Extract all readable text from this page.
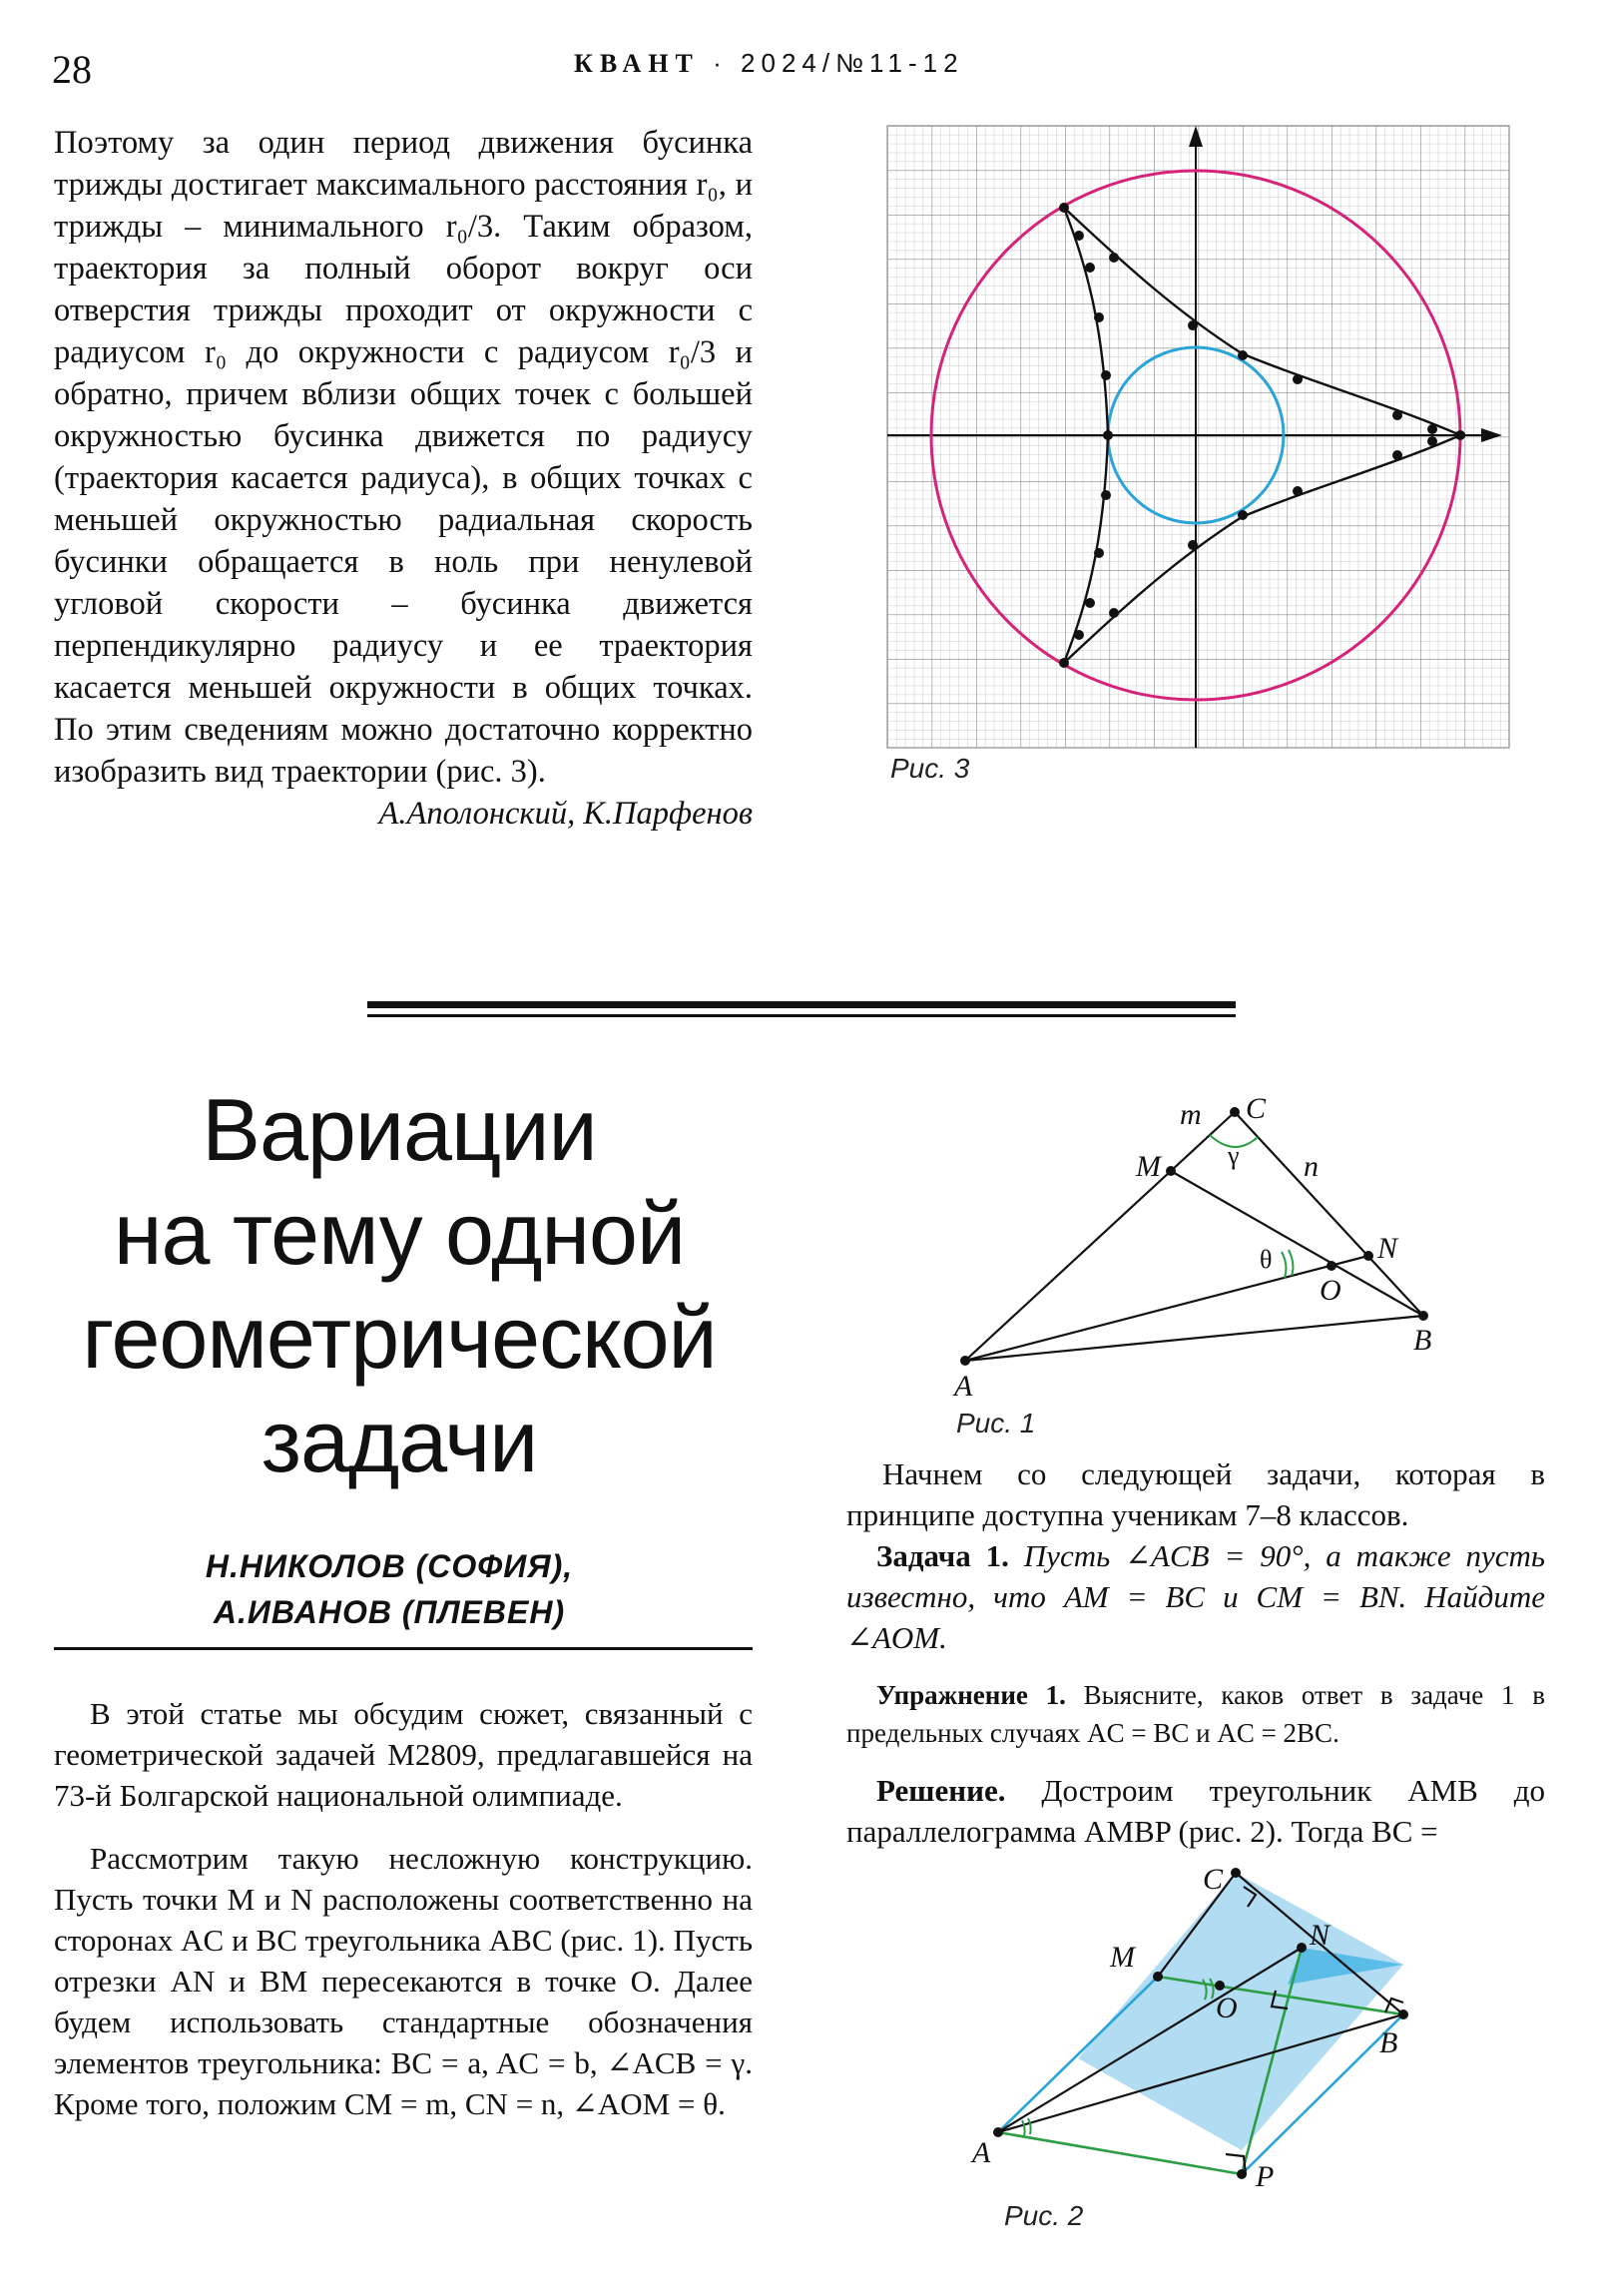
28	КВАНТ · 2024/№11-12

Поэтому за один период движения бусинка трижды достигает максимального расстояния r₀, и трижды – минимального r₀/3. Таким образом, траектория за полный оборот вокруг оси отверстия трижды проходит от окружности с радиусом r₀ до окружности с радиусом r₀/3 и обратно, причем вблизи общих точек с большей окружностью бусинка движется по радиусу (траектория касается радиуса), в общих точках с меньшей окружностью радиальная скорость бусинки обращается в ноль при ненулевой угловой скорости – бусинка движется перпендикулярно радиусу и ее траектория касается меньшей окружности в общих точках. По этим сведениям можно достаточно корректно изобразить вид траектории (рис. 3).

А.Аполонский, К.Парфенов

Рис. 3
Вариации
на тему одной
геометрической
задачи
Н.НИКОЛОВ (СОФИЯ),
А.ИВАНОВ (ПЛЕВЕН)

В этой статье мы обсудим сюжет, связанный с геометрической задачей М2809, предлагавшейся на 73-й Болгарской национальной олимпиаде.

Рассмотрим такую несложную конструкцию. Пусть точки M и N расположены соответственно на сторонах AC и BC треугольника ABC (рис. 1). Пусть отрезки AN и BM пересекаются в точке O. Далее будем использовать стандартные обозначения элементов треугольника: BC = a, AC = b, ∠ACB = γ. Кроме того, положим CM = m, CN = n, ∠AOM = θ.

C
M
N
O
A
B
m
n
γ
θ
Рис. 1

Начнем со следующей задачи, которая в принципе доступна ученикам 7–8 классов.

Задача 1. Пусть ∠ACB = 90°, а также пусть известно, что AM = BC и CM = BN. Найдите ∠AOM.

Упражнение 1. Выясните, каков ответ в задаче 1 в предельных случаях AC = BC и AC = 2BC.

Решение. Достроим треугольник AMB до параллелограмма AMBP (рис. 2). Тогда BC =

C
M
N
O
B
A
P
Рис. 2
